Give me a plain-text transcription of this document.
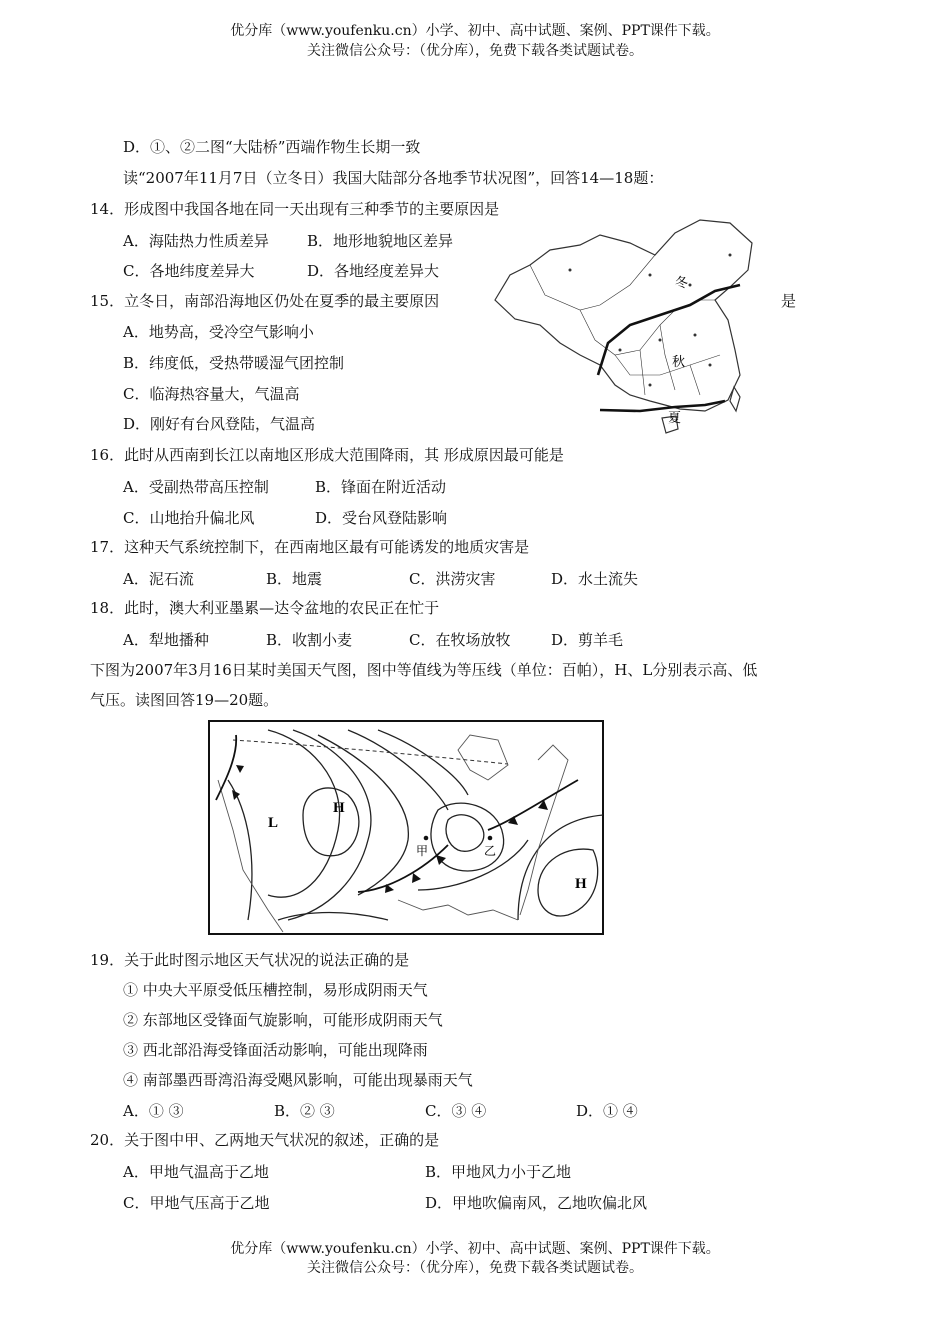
优分库（www.youfenku.cn）小学、初中、高中试题、案例、PPT课件下载。
关注微信公众号：（优分库），免费下载各类试题试卷。
D．①、②二图“大陆桥”西端作物生长期一致
读“2007年11月7日（立冬日）我国大陆部分各地季节状况图”，回答14—18题：
14．形成图中我国各地在同一天出现有三种季节的主要原因是
A．海陆热力性质差异	B．地形地貌地区差异
C．各地纬度差异大	D．各地经度差异大
15．立冬日，南部沿海地区仍处在夏季的最主要原因	是
A．地势高，受冷空气影响小
B．纬度低，受热带暖湿气团控制
C．临海热容量大，气温高
D．刚好有台风登陆，气温高
冬
秋
夏
16．此时从西南到长江以南地区形成大范围降雨，其 形成原因最可能是
A．受副热带高压控制	B．锋面在附近活动
C．山地抬升偏北风	D．受台风登陆影响
17．这种天气系统控制下，在西南地区最有可能诱发的地质灾害是
A．泥石流	B．地震	C．洪涝灾害	D．水土流失
18．此时，澳大利亚墨累—达令盆地的农民正在忙于
A．犁地播种	B．收割小麦	C．在牧场放牧	D．剪羊毛
下图为2007年3月16日某时美国天气图，图中等值线为等压线（单位：百帕），H、L分别表示高、低
气压。读图回答19—20题。
L
H
H
甲	乙
19．关于此时图示地区天气状况的说法正确的是
① 中央大平原受低压槽控制，易形成阴雨天气
② 东部地区受锋面气旋影响，可能形成阴雨天气
③ 西北部沿海受锋面活动影响，可能出现降雨
④ 南部墨西哥湾沿海受飓风影响，可能出现暴雨天气
A．① ③	B．② ③	C．③ ④	D．① ④
20．关于图中甲、乙两地天气状况的叙述，正确的是
A．甲地气温高于乙地	B．甲地风力小于乙地
C．甲地气压高于乙地	D．甲地吹偏南风，乙地吹偏北风
优分库（www.youfenku.cn）小学、初中、高中试题、案例、PPT课件下载。
关注微信公众号：（优分库），免费下载各类试题试卷。
